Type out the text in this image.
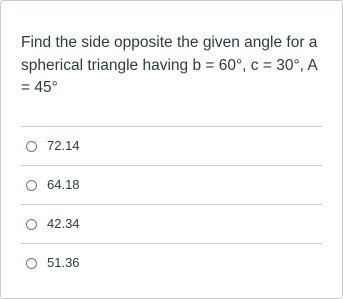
Find the side opposite the given angle for a spherical triangle having b = 60°, c = 30°, A = 45°
72.14
64.18
42.34
51.36
